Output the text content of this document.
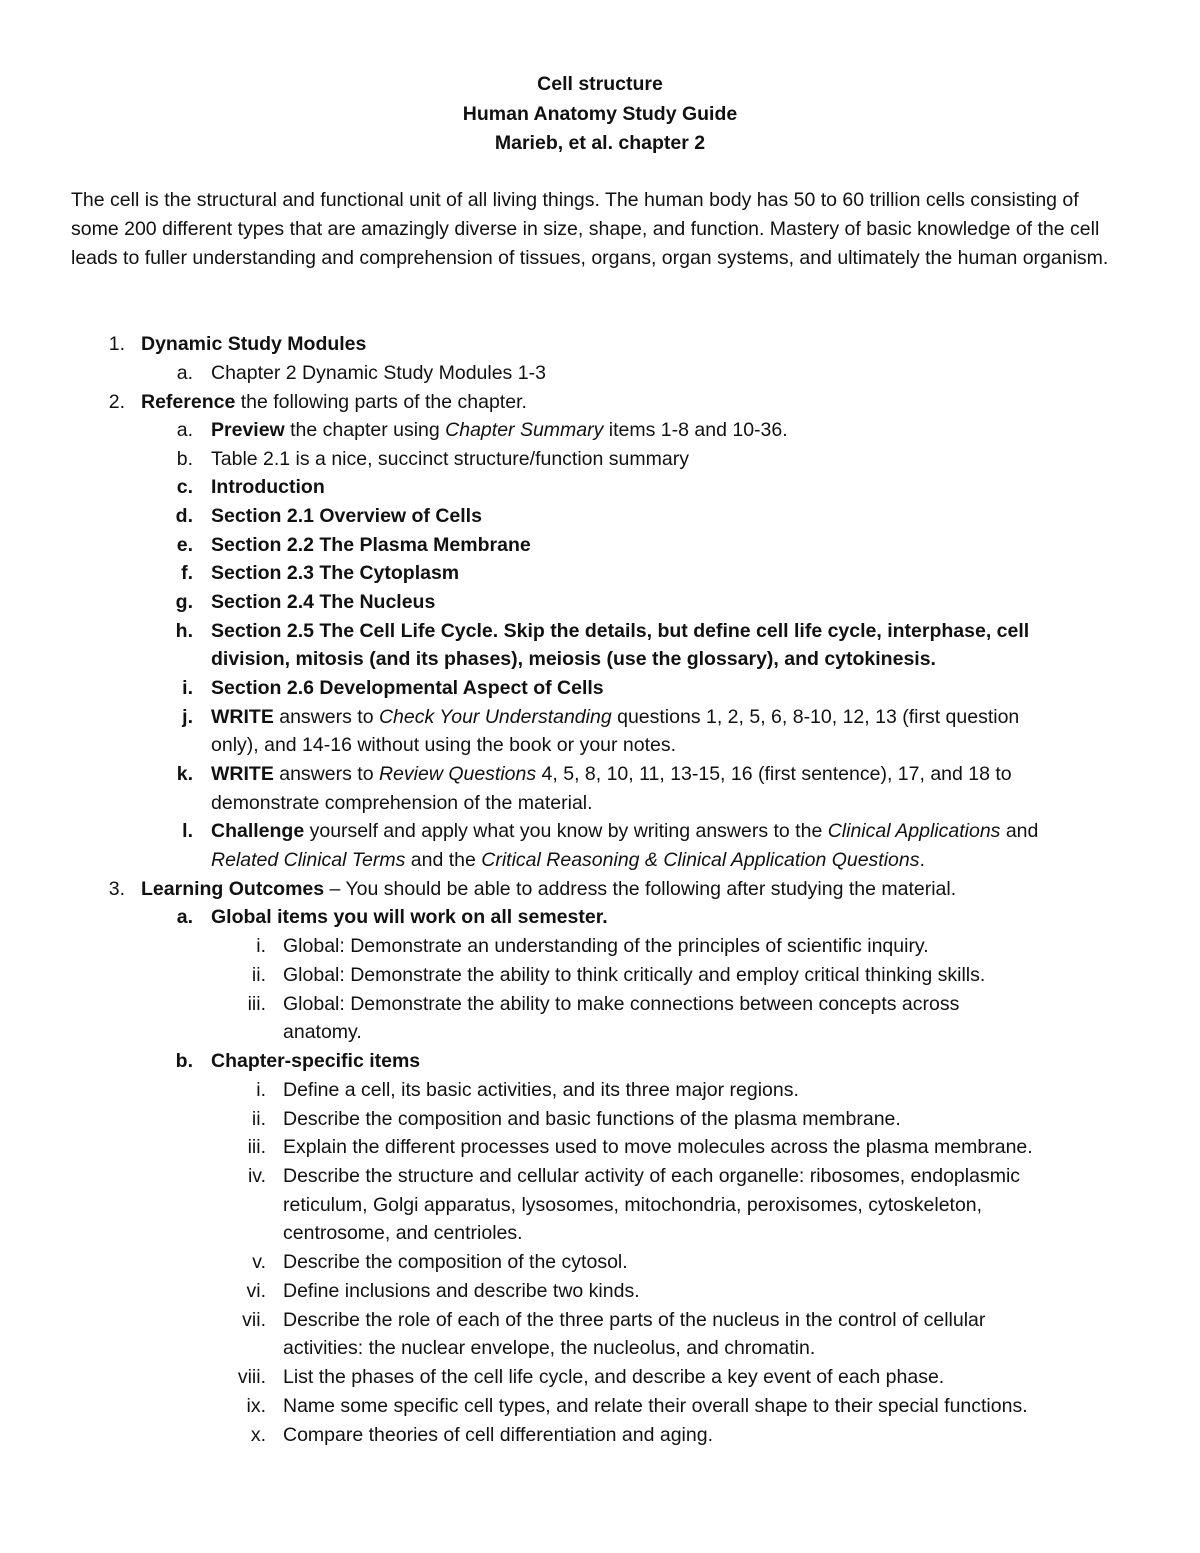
Cell structure
Human Anatomy Study Guide
Marieb, et al. chapter 2

The cell is the structural and functional unit of all living things. The human body has 50 to 60 trillion cells consisting of some 200 different types that are amazingly diverse in size, shape, and function. Mastery of basic knowledge of the cell leads to fuller understanding and comprehension of tissues, organs, organ systems, and ultimately the human organism.

1. Dynamic Study Modules
a. Chapter 2 Dynamic Study Modules 1-3
2. Reference the following parts of the chapter.
a. Preview the chapter using Chapter Summary items 1-8 and 10-36.
b. Table 2.1 is a nice, succinct structure/function summary
c. Introduction
d. Section 2.1 Overview of Cells
e. Section 2.2 The Plasma Membrane
f. Section 2.3 The Cytoplasm
g. Section 2.4 The Nucleus
h. Section 2.5 The Cell Life Cycle. Skip the details, but define cell life cycle, interphase, cell
division, mitosis (and its phases), meiosis (use the glossary), and cytokinesis.
i. Section 2.6 Developmental Aspect of Cells
j. WRITE answers to Check Your Understanding questions 1, 2, 5, 6, 8-10, 12, 13 (first question
only), and 14-16 without using the book or your notes.
k. WRITE answers to Review Questions 4, 5, 8, 10, 11, 13-15, 16 (first sentence), 17, and 18 to
demonstrate comprehension of the material.
l. Challenge yourself and apply what you know by writing answers to the Clinical Applications and
Related Clinical Terms and the Critical Reasoning & Clinical Application Questions.
3. Learning Outcomes – You should be able to address the following after studying the material.
a. Global items you will work on all semester.
i. Global: Demonstrate an understanding of the principles of scientific inquiry.
ii. Global: Demonstrate the ability to think critically and employ critical thinking skills.
iii. Global: Demonstrate the ability to make connections between concepts across
anatomy.
b. Chapter-specific items
i. Define a cell, its basic activities, and its three major regions.
ii. Describe the composition and basic functions of the plasma membrane.
iii. Explain the different processes used to move molecules across the plasma membrane.
iv. Describe the structure and cellular activity of each organelle: ribosomes, endoplasmic
reticulum, Golgi apparatus, lysosomes, mitochondria, peroxisomes, cytoskeleton,
centrosome, and centrioles.
v. Describe the composition of the cytosol.
vi. Define inclusions and describe two kinds.
vii. Describe the role of each of the three parts of the nucleus in the control of cellular
activities: the nuclear envelope, the nucleolus, and chromatin.
viii. List the phases of the cell life cycle, and describe a key event of each phase.
ix. Name some specific cell types, and relate their overall shape to their special functions.
x. Compare theories of cell differentiation and aging.
